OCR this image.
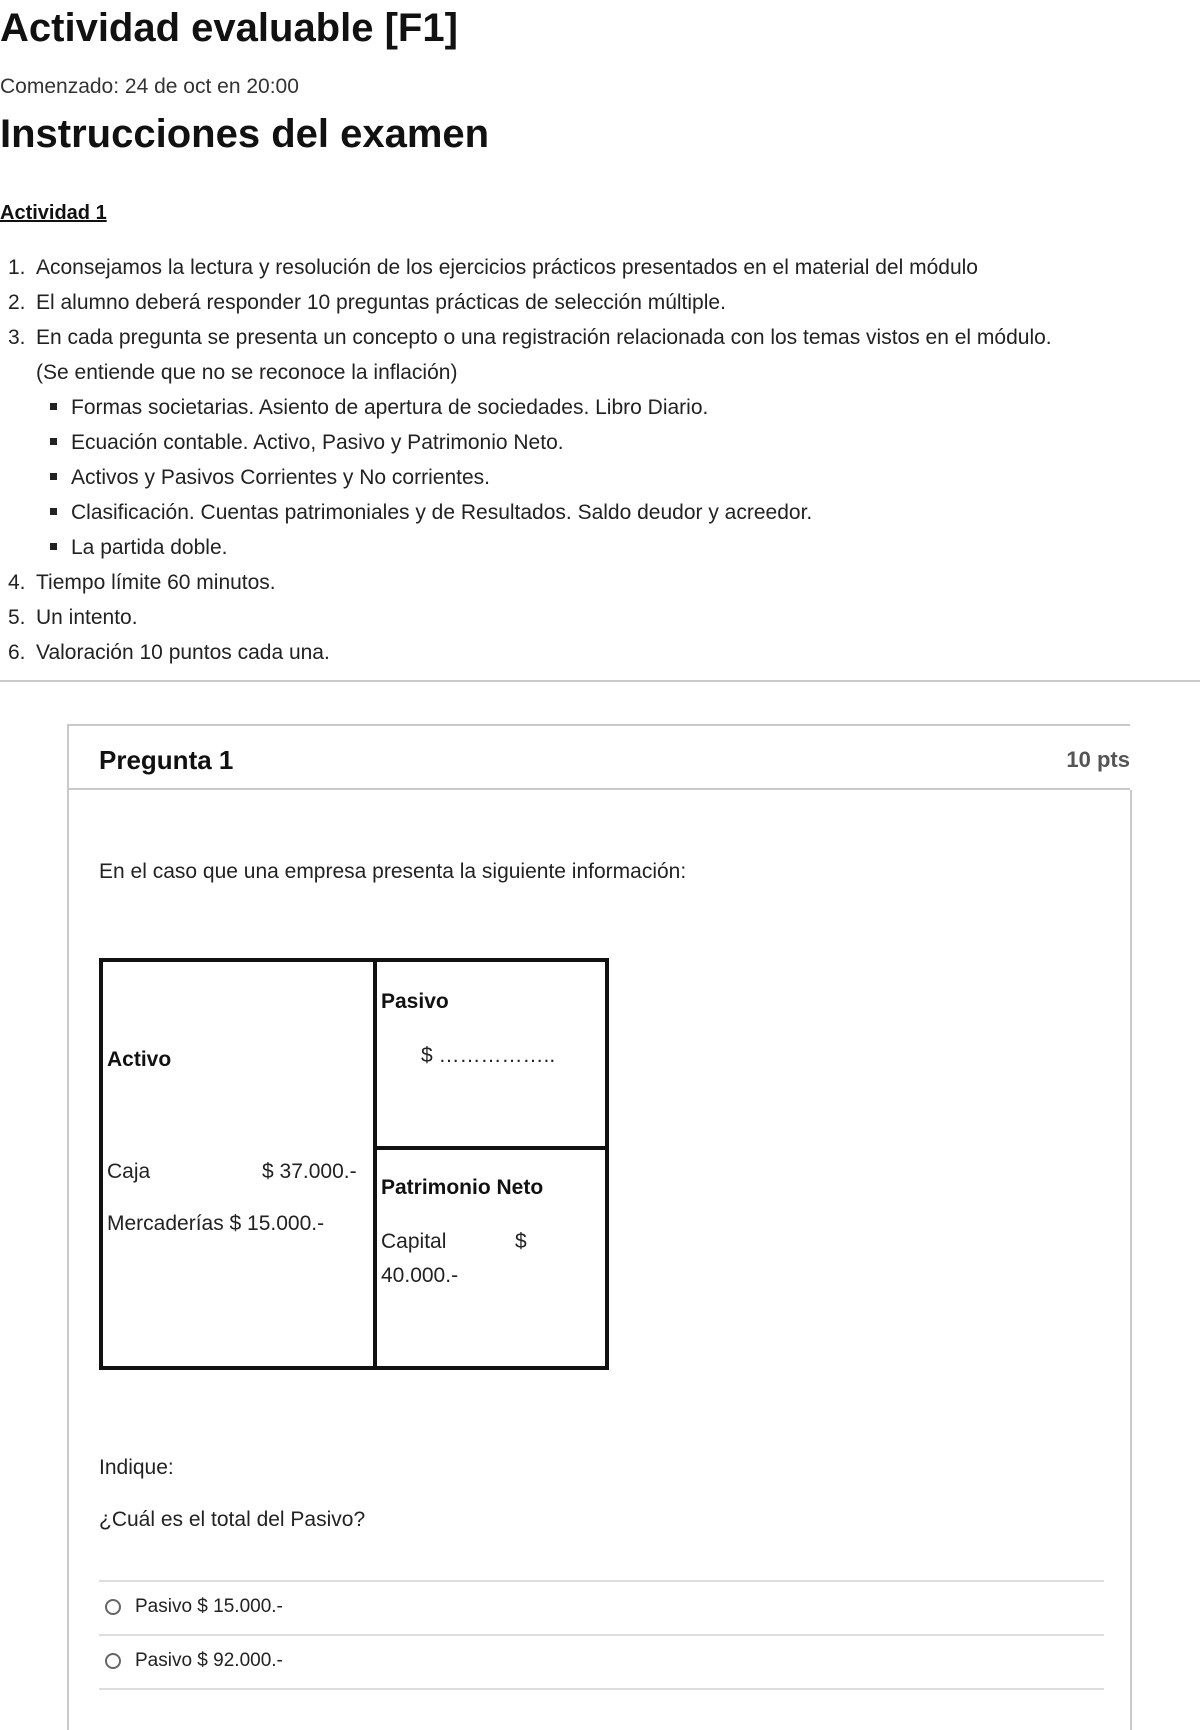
Actividad evaluable [F1]
Comenzado: 24 de oct en 20:00
Instrucciones del examen
Actividad 1
1. Aconsejamos la lectura y resolución de los ejercicios prácticos presentados en el material del módulo
2. El alumno deberá responder 10 preguntas prácticas de selección múltiple.
3. En cada pregunta se presenta un concepto o una registración relacionada con los temas vistos en el módulo.
(Se entiende que no se reconoce la inflación)
Formas societarias. Asiento de apertura de sociedades. Libro Diario.
Ecuación contable. Activo, Pasivo y Patrimonio Neto.
Activos y Pasivos Corrientes y No corrientes.
Clasificación. Cuentas patrimoniales y de Resultados. Saldo deudor y acreedor.
La partida doble.
4. Tiempo límite 60 minutos.
5. Un intento.
6. Valoración 10 puntos cada una.
Pregunta 1	10 pts
En el caso que una empresa presenta la siguiente información:
Activo
Caja	$ 37.000.-
Mercaderías $ 15.000.-
Pasivo
$ ……………..
Patrimonio Neto
Capital	$
40.000.-
Indique:
¿Cuál es el total del Pasivo?
Pasivo $ 15.000.-
Pasivo $ 92.000.-
